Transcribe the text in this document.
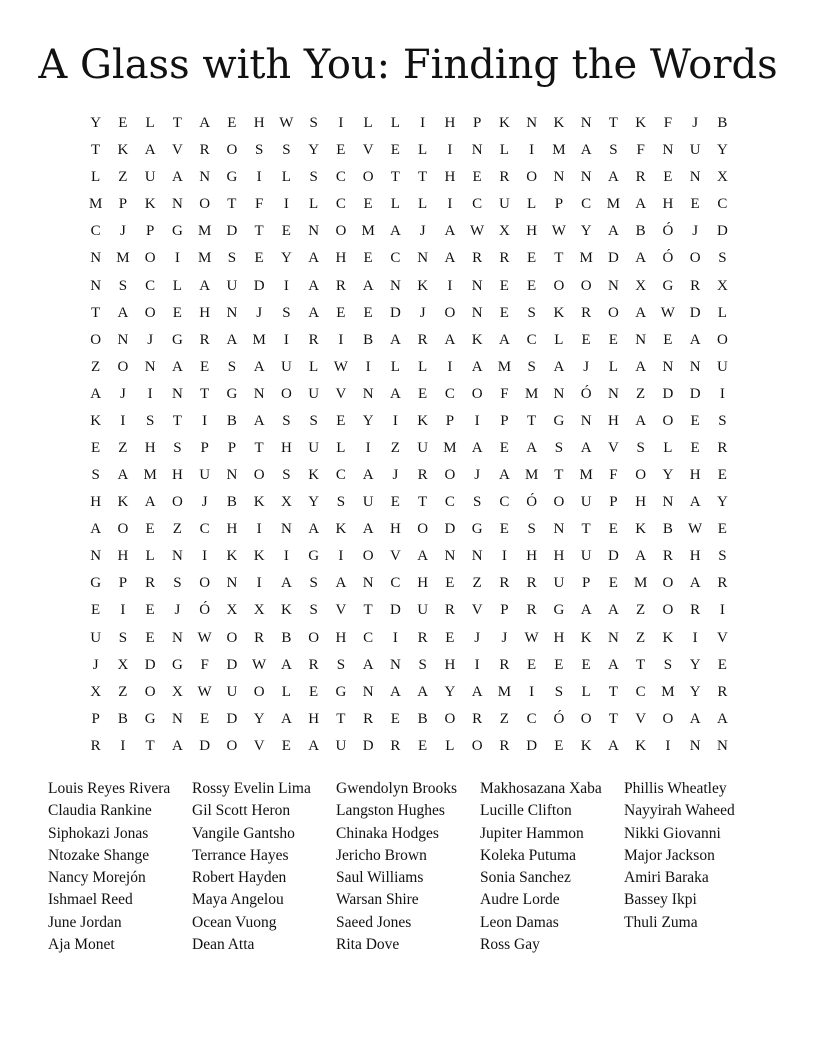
A Glass with You: Finding the Words
Y	E	L	T	A	E	H W	S	I	L	L	I	H	P	K	N	K	N	T	K	F	J	B
T	K	A	V	R	O	S	S	Y	E	V	E	L	I	N	L	I	M	A	S	F	N	U	Y
L	Z	U	A	N	G	I	L	S	C	O	T	T	H	E	R	O	N	N	A	R	E	N	X
M	P	K	N	O	T	F	I	L	C	E	L	L	I	C	U	L	P	C	M	A	H	E	C
C	J	P	G	M	D	T	E	N	O	M	A	J	A W X	H W Y	A	B	Ó	J	D
N	M	O	I	M	S	E	Y	A	H	E	C	N	A	R	R	E	T	M	D	A	Ó	O	S
N	S	C	L	A	U	D	I	A	R	A	N	K	I	N	E	E	O	O	N	X	G	R	X
T	A	O	E	H	N	J	S	A	E	E	D	J	O	N	E	S	K	R	O	A W D	L
O	N	J	G	R	A	M	I	R	I	B	A	R	A	K	A	C	L	E	E	N	E	A	O
Z	O	N	A	E	S	A	U	L	W	I	L	L	I	A	M	S	A	J	L	A	N	N	U
A	J	I	N	T	G	N	O	U	V	N	A	E	C	O	F	M	N	Ó	N	Z	D	D	I
K	I	S	T	I	B	A	S	S	E	Y	I	K	P	I	P	T	G	N	H	A	O	E	S
E	Z	H	S	P	P	T	H	U	L	I	Z	U	M	A	E	A	S	A	V	S	L	E	R
S	A	M	H	U	N	O	S	K	C	A	J	R	O	J	A	M	T	M	F	O	Y	H	E
H	K	A	O	J	B	K	X	Y	S	U	E	T	C	S	C	Ó	O	U	P	H	N	A	Y
A	O	E	Z	C	H	I	N	A	K	A	H	O	D	G	E	S	N	T	E	K	B	W	E
N	H	L	N	I	K	K	I	G	I	O	V	A	N	N	I	H	H	U	D	A	R	H	S
G	P	R	S	O	N	I	A	S	A	N	C	H	E	Z	R	R	U	P	E	M	O	A	R
E	I	E	J	Ó	X	X	K	S	V	T	D	U	R	V	P	R	G	A	A	Z	O	R	I
U	S	E	N W O	R	B	O	H	C	I	R	E	J	J	W H	K	N	Z	K	I	V
J	X	D	G	F	D W A	R	S	A	N	S	H	I	R	E	E	E	A	T	S	Y	E
X	Z	O	X W U	O	L	E	G	N	A	A	Y	A	M	I	S	L	T	C	M	Y	R
P	B	G	N	E	D	Y	A	H	T	R	E	B	O	R	Z	C	Ó	O	T	V	O	A	A
R	I	T	A	D	O	V	E	A	U	D	R	E	L	O	R	D	E	K	A	K	I	N	N
Louis Reyes Rivera
Claudia Rankine
Siphokazi Jonas
Ntozake Shange
Nancy Morejón
Ishmael Reed
June Jordan
Aja Monet
Rossy Evelin Lima
Gil Scott Heron
Vangile Gantsho
Terrance Hayes
Robert Hayden
Maya Angelou
Ocean Vuong
Dean Atta
Gwendolyn Brooks
Langston Hughes
Chinaka Hodges
Jericho Brown
Saul Williams
Warsan Shire
Saeed Jones
Rita Dove
Makhosazana Xaba
Lucille Clifton
Jupiter Hammon
Koleka Putuma
Sonia Sanchez
Audre Lorde
Leon Damas
Ross Gay
Phillis Wheatley
Nayyirah Waheed
Nikki Giovanni
Major Jackson
Amiri Baraka
Bassey Ikpi
Thuli Zuma
